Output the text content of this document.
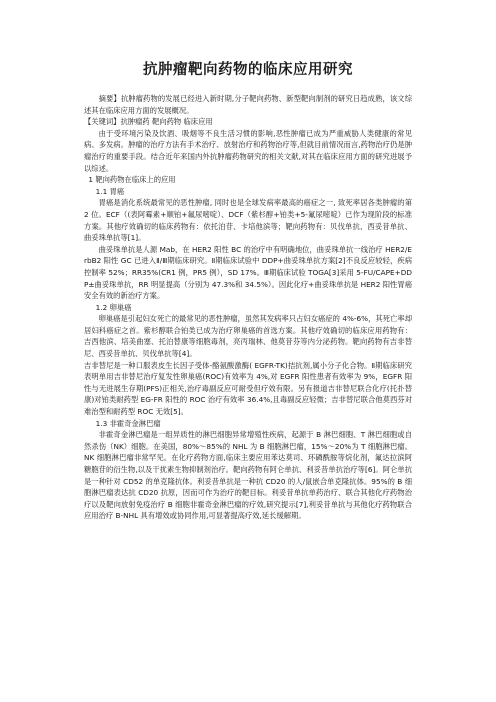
抗肿瘤靶向药物的临床应用研究

摘要】抗肿瘤药物的发展已经进入新时期,分子靶向药物、新型靶向制剂的研究日趋成熟，该文综述其在临床应用方面的发展概况。

【关键词】抗肿瘤药 靶向药物 临床应用

由于受环境污染及饮酒、吸烟等不良生活习惯的影响,恶性肿瘤已成为严重威胁人类健康的常见病、多发病。肿瘤的治疗方法有手术治疗、放射治疗和药物治疗等,但就目前情况而言,药物治疗仍是肿瘤治疗的重要手段。结合近年来国内外抗肿瘤药物研究的相关文献,对其在临床应用方面的研究进展予以综述。

1 靶向药物在临床上的应用

1.1 胃癌

胃癌是消化系统最常见的恶性肿瘤, 同时也是全球发病率最高的癌症之一, 致死率居各类肿瘤的第 2 位。ECF（(表阿霉素+顺铂+氟尿嘧啶）、DCF（紫杉醇+铂类+5-氟尿嘧啶）已作为现阶段的标准方案。其他疗效确切的临床药物有：依托泊苷、卡培他滨等；靶向药物有：贝伐单抗、西妥昔单抗、曲妥珠单抗等[1]。

曲妥珠单抗是人源 Mab，在 HER2 阳性 BC 的治疗中有明确地位，曲妥珠单抗一线治疗 HER2/ErbB2 阳性 GC 已进入Ⅱ/Ⅲ期临床研究。Ⅱ期临床试验中 DDP+曲妥珠单抗方案[2]不良反应较轻，疾病控制率 52%；RR35%(CR1 例，PR5 例），SD 17%。Ⅲ期临床试验 TOGA[3]采用 5-FU/CAPE+DDP±曲妥珠单抗，RR 明显提高（分别为 47.3%和 34.5%）。因此化疗+曲妥珠单抗是 HER2 阳性胃癌安全有效的新治疗方案。

1.2 卵巢癌

卵巢癌是引起妇女死亡的最常见的恶性肿瘤，虽然其发病率只占妇女癌症的 4%-6%，其死亡率却居妇科癌症之首。紫杉醇联合铂类已成为治疗卵巢癌的首选方案。其他疗效确切的临床应用药物有：吉西他滨、培美曲塞、托泊替康等细胞毒剂，亮丙瑞林、他莫昔芬等内分泌药物。靶向药物有吉非替尼、西妥昔单抗、贝伐单抗等[4]。

吉非替尼是一种口服表皮生长因子受体-酪氨酸激酶( EGFR-TK)拮抗剂,属小分子化合物。Ⅱ期临床研究表明单用吉非替尼治疗复发性卵巢癌(ROC)有效率为 4%,对 EGFR 阳性患者有效率为 9%，EGFR 阳性与无进展生存期(PFS)正相关,治疗毒副反应可耐受但疗效有限。另有报道吉非替尼联合化疗(托扑替康)对铂类耐药型 EG-FR 阳性的 ROC 治疗有效率 36.4%,且毒副反应轻微；吉非替尼联合他莫西芬对难治型和耐药型 ROC 无效[5]。

1.3 非霍奇金淋巴瘤

非霍奇金淋巴瘤是一组异质性的淋巴细胞异常增殖性疾病，起源于 B 淋巴细胞、T 淋巴细胞或自然杀伤（NK）细胞。在美国，80%～85%的 NHL 为 B 细胞淋巴瘤，15%～20%为 T 细胞淋巴瘤。NK 细胞淋巴瘤非常罕见。在化疗药物方面,临床主要应用苯达莫司、环磷酰胺等烷化剂，氟达拉滨阿糖胞苷的衍生物,以及干扰素生物抑制剂治疗。靶向药物有阿仑单抗、利妥昔单抗治疗等[6]。阿仑单抗是一种针对 CD52 的单克隆抗体。利妥昔单抗是一种抗 CD20 的人/鼠嵌合单克隆抗体。95%的 B 细胞淋巴瘤表达抗 CD20 抗原，因而可作为治疗的靶目标。利妥昔单抗单药治疗、联合其他化疗药物治疗以及靶向放射免疫治疗 B 细胞非霍奇金淋巴瘤的疗效,研究提示[7],利妥昔单抗与其他化疗药物联合应用治疗 B-NHL 具有增效或协同作用,可显著提高疗效,延长缓解期。
